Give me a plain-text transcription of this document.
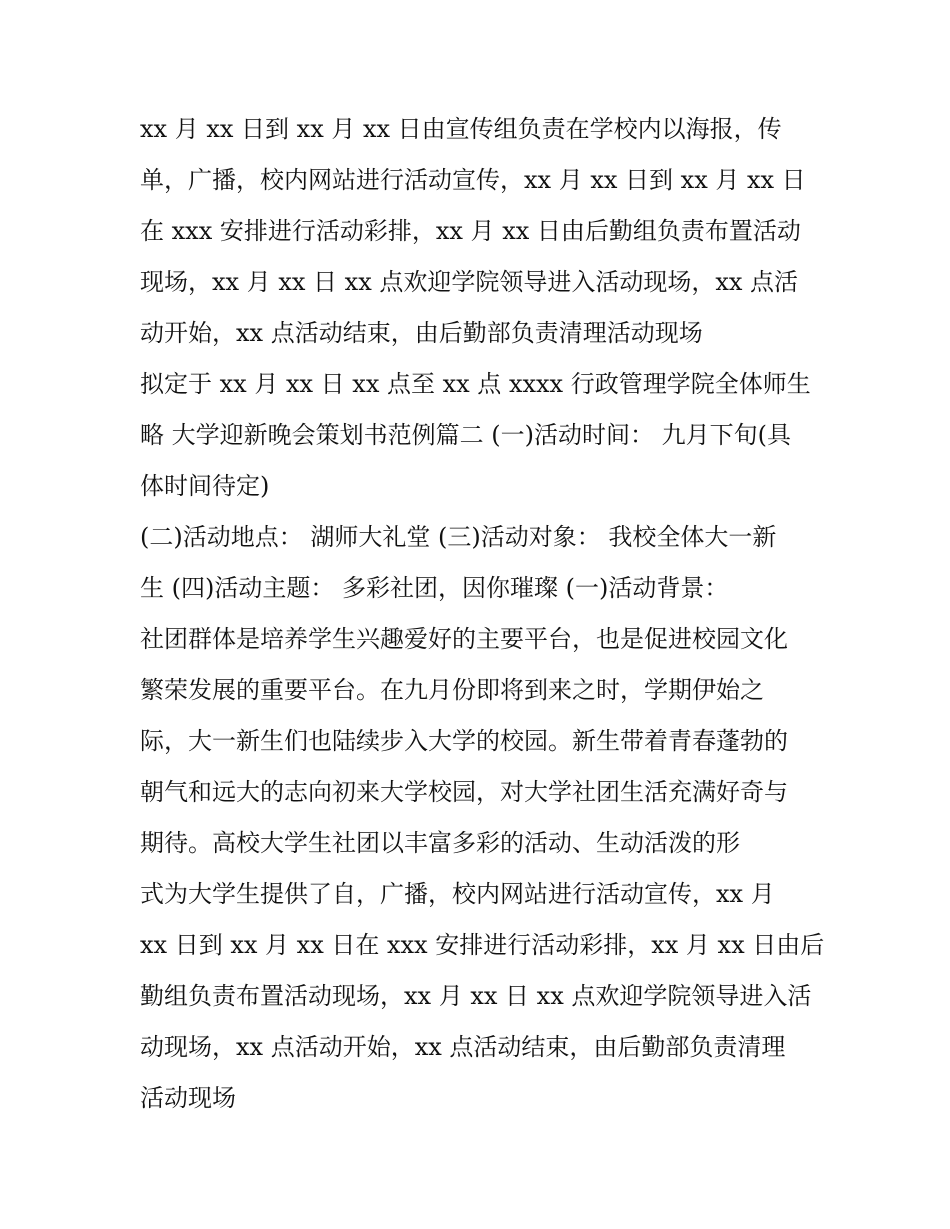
xx 月 xx 日到 xx 月 xx 日由宣传组负责在学校内以海报，传
单，广播，校内网站进行活动宣传，xx 月 xx 日到 xx 月 xx 日
在 xxx 安排进行活动彩排，xx 月 xx 日由后勤组负责布置活动
现场，xx 月 xx 日 xx 点欢迎学院领导进入活动现场，xx 点活
动开始，xx 点活动结束，由后勤部负责清理活动现场
拟定于 xx 月 xx 日 xx 点至 xx 点 xxxx 行政管理学院全体师生
略 大学迎新晚会策划书范例篇二 (一)活动时间： 九月下旬(具
体时间待定)
(二)活动地点： 湖师大礼堂 (三)活动对象： 我校全体大一新
生 (四)活动主题： 多彩社团，因你璀璨 (一)活动背景：
社团群体是培养学生兴趣爱好的主要平台，也是促进校园文化
繁荣发展的重要平台。在九月份即将到来之时，学期伊始之
际，大一新生们也陆续步入大学的校园。新生带着青春蓬勃的
朝气和远大的志向初来大学校园，对大学社团生活充满好奇与
期待。高校大学生社团以丰富多彩的活动、生动活泼的形
式为大学生提供了自，广播，校内网站进行活动宣传，xx 月
xx 日到 xx 月 xx 日在 xxx 安排进行活动彩排，xx 月 xx 日由后
勤组负责布置活动现场，xx 月 xx 日 xx 点欢迎学院领导进入活
动现场，xx 点活动开始，xx 点活动结束，由后勤部负责清理
活动现场
